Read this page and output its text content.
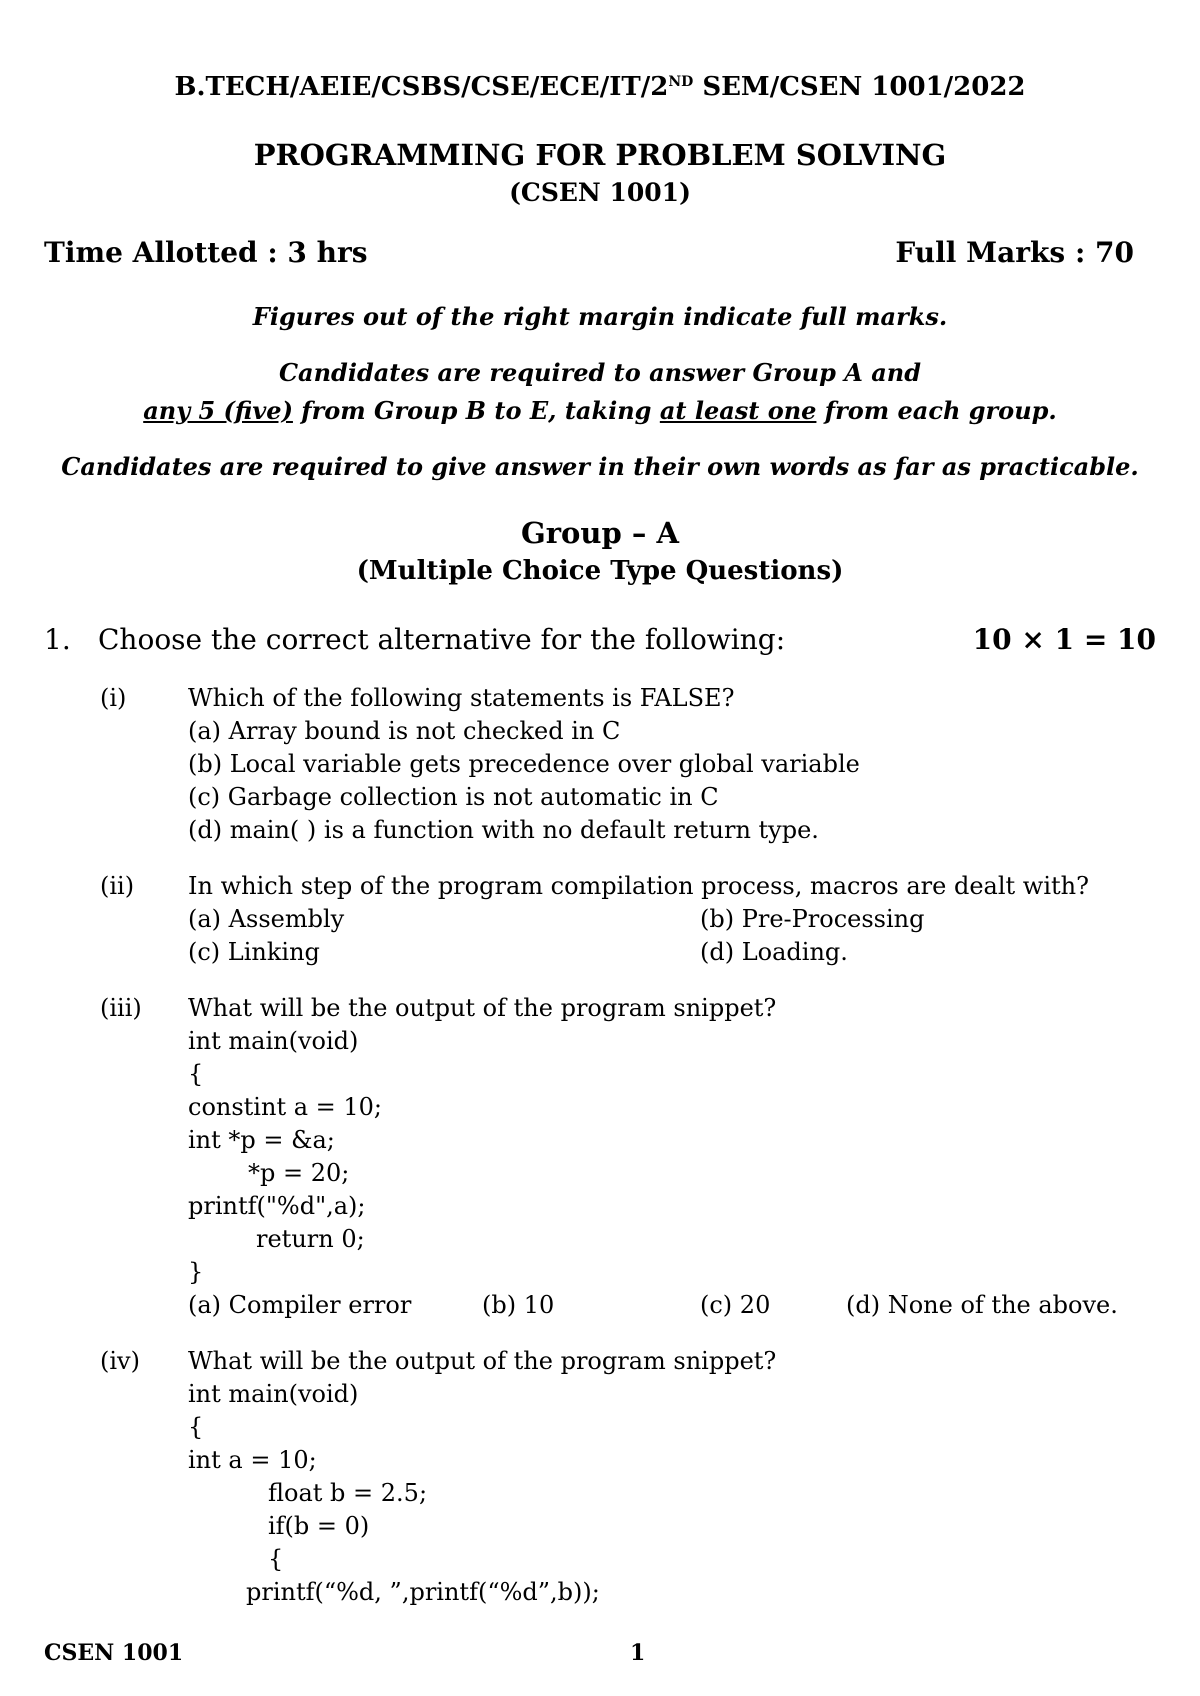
B.TECH/AEIE/CSBS/CSE/ECE/IT/2ND SEM/CSEN 1001/2022
PROGRAMMING FOR PROBLEM SOLVING
(CSEN 1001)
Time Allotted : 3 hrs	Full Marks : 70
Figures out of the right margin indicate full marks.
Candidates are required to answer Group A and
any 5 (five) from Group B to E, taking at least one from each group.
Candidates are required to give answer in their own words as far as practicable.
Group – A
(Multiple Choice Type Questions)
1. Choose the correct alternative for the following:	10 × 1 = 10
(i)	Which of the following statements is FALSE?
(a) Array bound is not checked in C
(b) Local variable gets precedence over global variable
(c) Garbage collection is not automatic in C
(d) main( ) is a function with no default return type.
(ii) In which step of the program compilation process, macros are dealt with?
(a) Assembly	(b) Pre-Processing
(c) Linking	(d) Loading.
(iii) What will be the output of the program snippet?
int main(void)
{
constint a = 10;
int *p = &a;
*p = 20;
printf("%d",a);
return 0;
}
(a) Compiler error	(b) 10	(c) 20	(d) None of the above.
(iv) What will be the output of the program snippet?
int main(void)
{
int a = 10;
float b = 2.5;
if(b = 0)
{
printf(“%d, ”,printf(“%d”,b));
CSEN 1001	1
